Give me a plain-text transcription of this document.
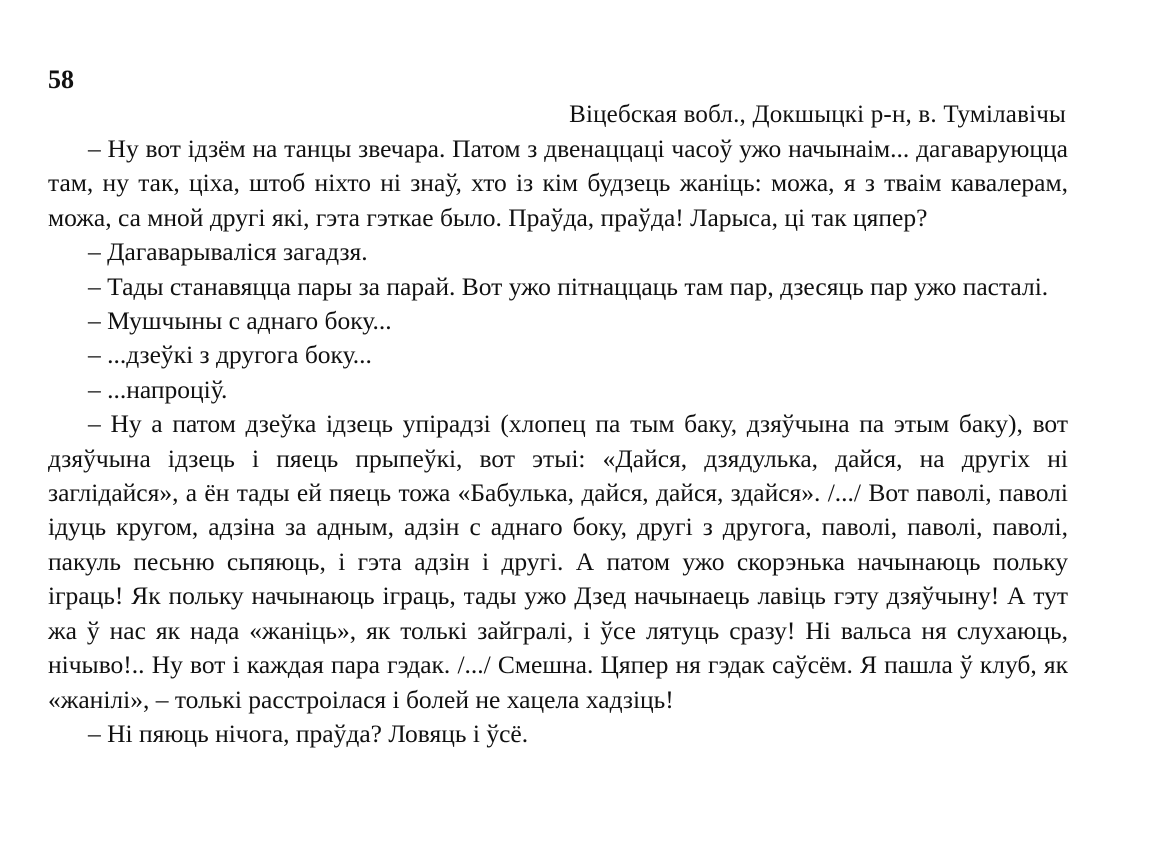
58
Віцебская вобл., Докшыцкі р-н, в. Тумілавічы

– Ну вот ідзём на танцы звечара. Патом з двенаццаці часоў ужо начынаім... дагаваруюцца там, ну так, ціха, штоб ніхто ні знаў, хто із кім будзець жаніць: можа, я з тваім кавалерам, можа, са мной другі які, гэта гэткае было. Праўда, праўда! Ларыса, ці так цяпер?

– Дагаварываліся загадзя.

– Тады станавяцца пары за парай. Вот ужо пітнаццаць там пар, дзесяць пар ужо пасталі.

– Мушчыны с аднаго боку...

– ...дзеўкі з другога боку...

– ...напроціў.

– Ну а патом дзеўка ідзець упірадзі (хлопец па тым баку, дзяўчына па этым баку), вот дзяўчына ідзець і пяець прыпеўкі, вот этыі: «Дайся, дзядулька, дайся, на другіх ні заглідайся», а ён тады ей пяець тожа «Бабулька, дайся, дайся, здайся». /.../ Вот паволі, паволі ідуць кругом, адзіна за адным, адзін с аднаго боку, другі з другога, паволі, паволі, паволі, пакуль песьню сьпяюць, і гэта адзін і другі. А патом ужо скорэнька начынаюць польку іграць! Як польку начынаюць іграць, тады ужо Дзед начынаець лавіць гэту дзяўчыну! А тут жа ў нас як нада «жаніць», як толькі зайгралі, і ўсе лятуць сразу! Ні вальса ня слухаюць, нічыво!.. Ну вот і каждая пара гэдак. /.../ Смешна. Цяпер ня гэдак саўсём. Я пашла ў клуб, як «жанілі», – толькі расстроілася і болей не хацела хадзіць!

– Ні пяюць нічога, праўда? Ловяць і ўсё.
